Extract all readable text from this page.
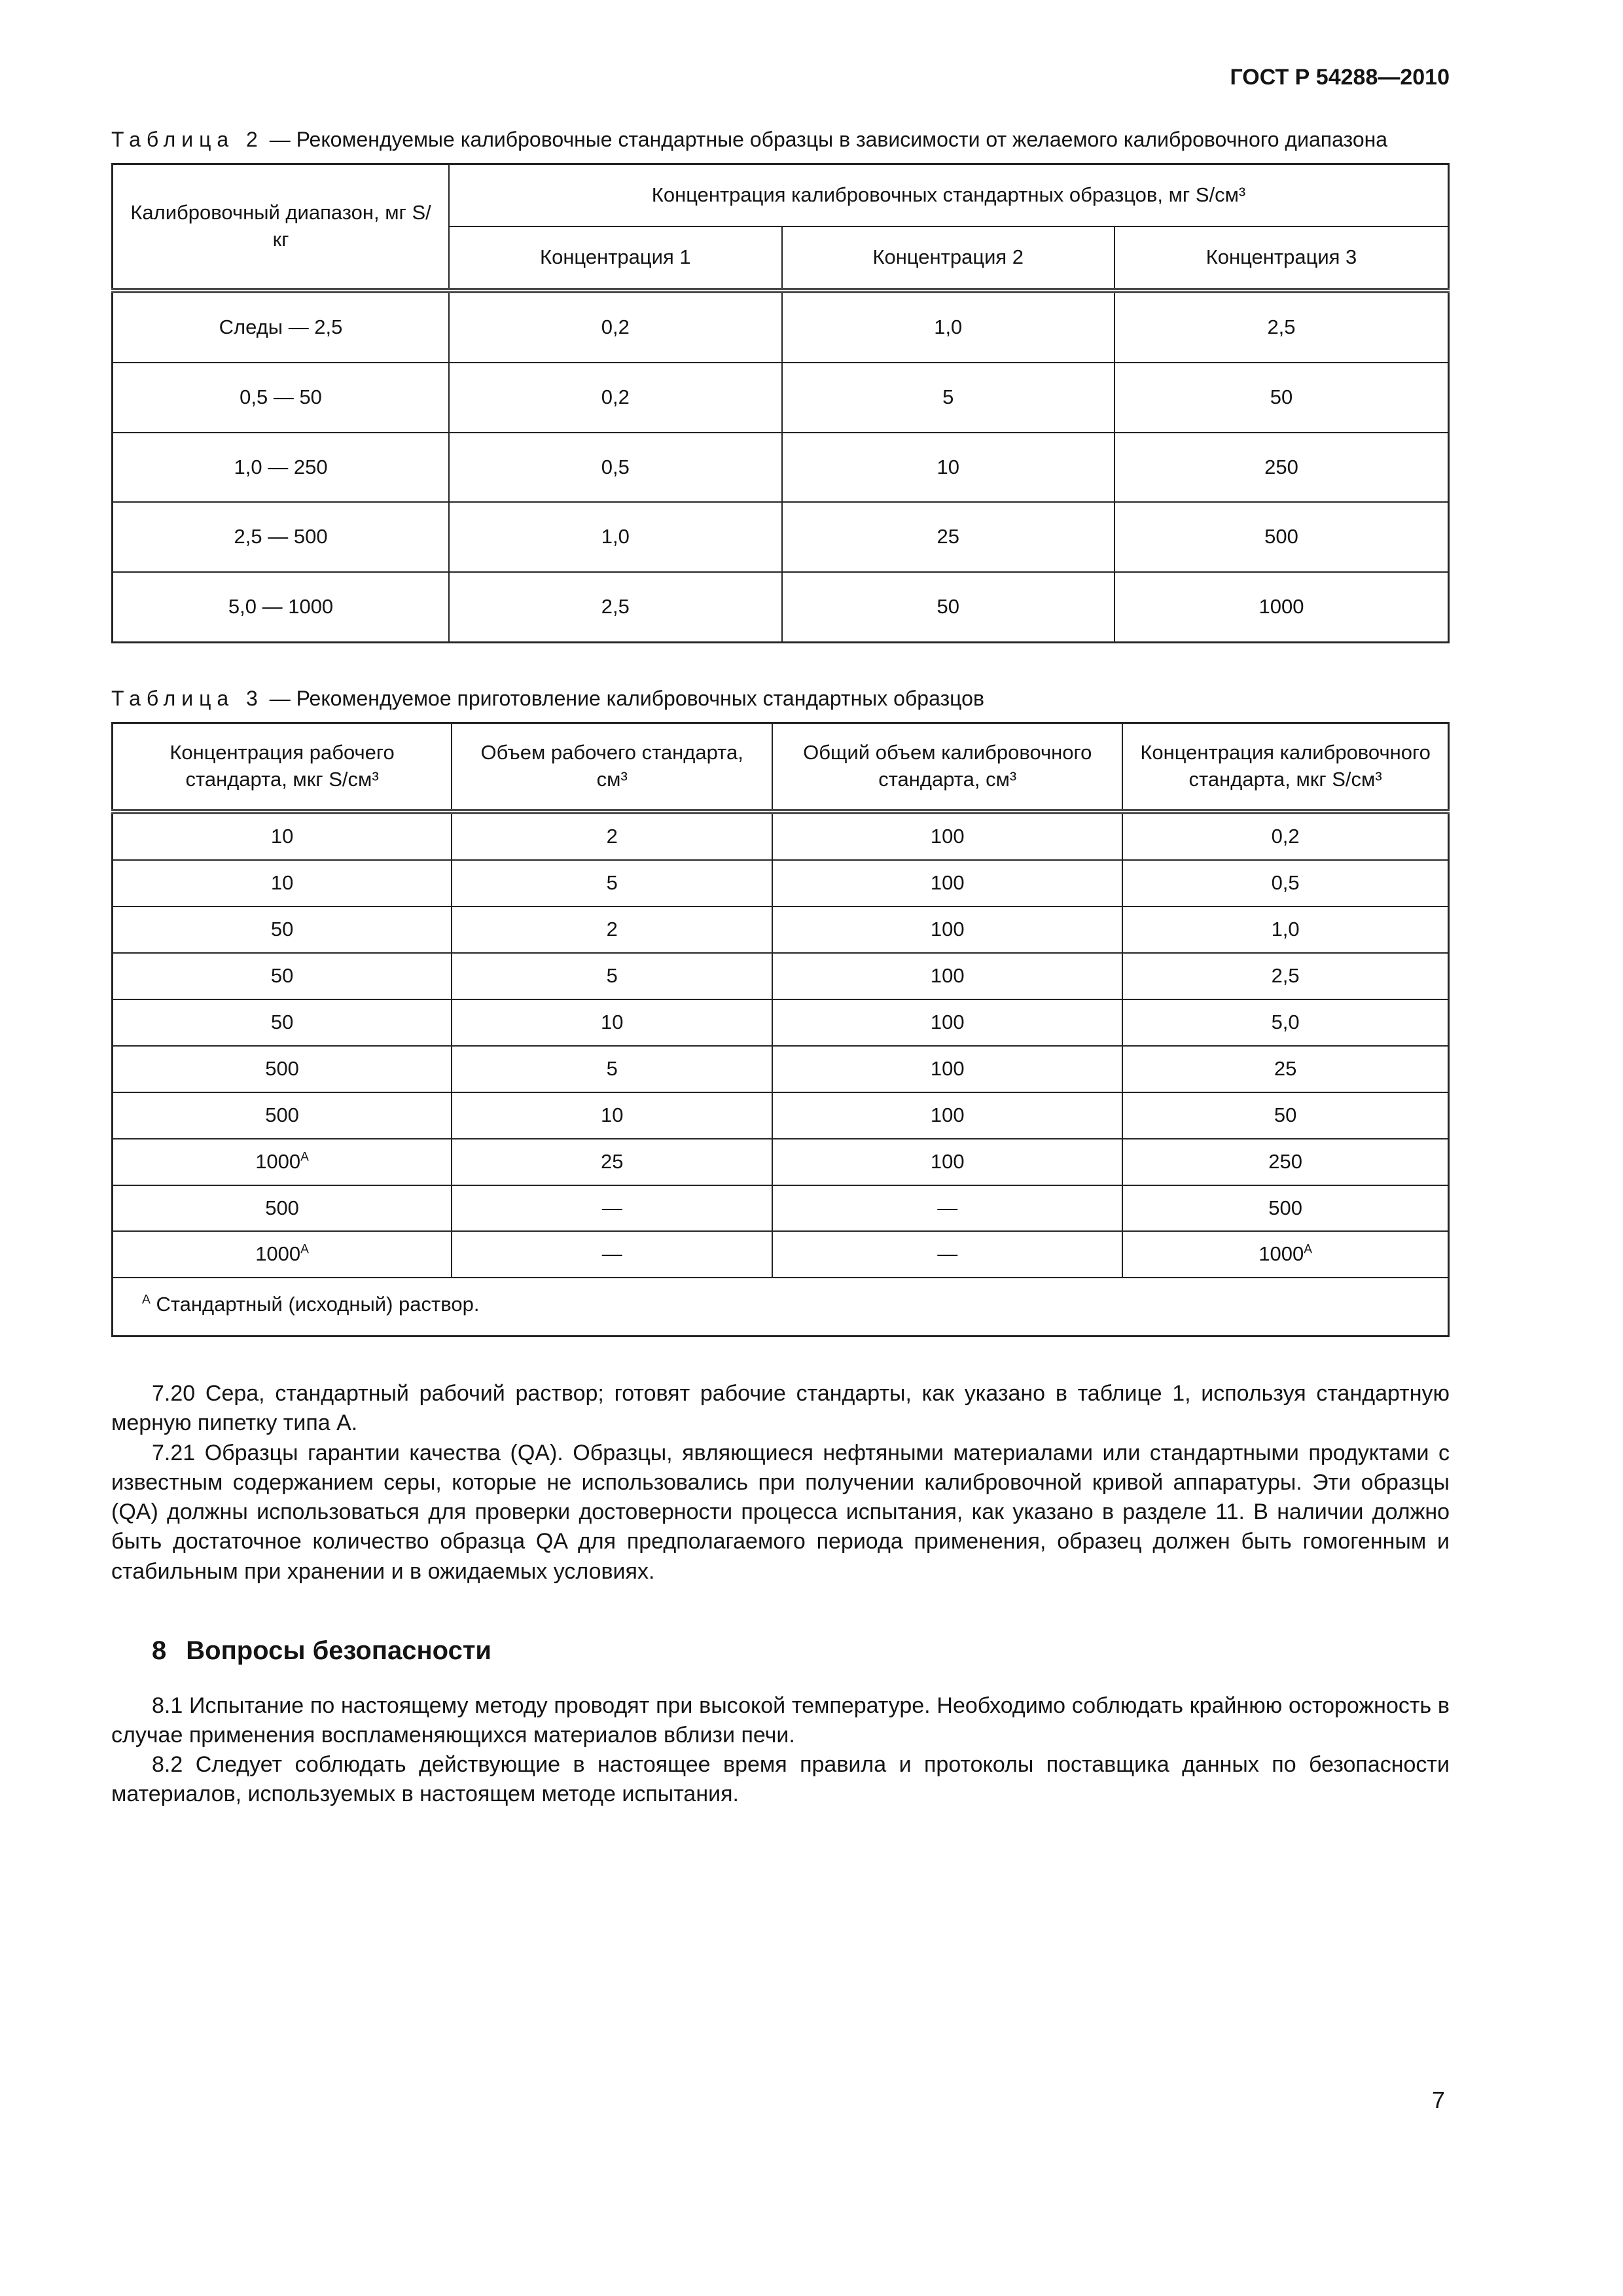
ГОСТ Р 54288—2010

Таблица 2 — Рекомендуемые калибровочные стандартные образцы в зависимости от желаемого калибровочного диапазона

Калибровочный диапазон, мг S/кг	Концентрация калибровочных стандартных образцов, мг S/см³		
	Концентрация 1	Концентрация 2	Концентрация 3
Следы — 2,5	0,2	1,0	2,5
0,5 — 50	0,2	5	50
1,0 — 250	0,5	10	250
2,5 — 500	1,0	25	500
5,0 — 1000	2,5	50	1000

Таблица 3 — Рекомендуемое приготовление калибровочных стандартных образцов

Концентрация рабочего стандарта, мкг S/см³	Объем рабочего стандарта, см³	Общий объем калибровочного стандарта, см³	Концентрация калибровочного стандарта, мкг S/см³
10	2	100	0,2
10	5	100	0,5
50	2	100	1,0
50	5	100	2,5
50	10	100	5,0
500	5	100	25
500	10	100	50
$1000^А$	25	100	250
500	—	—	500
$1000^А$	—	—	$1000^А$
$^А$ Стандартный (исходный) раствор.			

7.20 Сера, стандартный рабочий раствор; готовят рабочие стандарты, как указано в таблице 1, используя стандартную мерную пипетку типа А.

7.21 Образцы гарантии качества (QA). Образцы, являющиеся нефтяными материалами или стандартными продуктами с известным содержанием серы, которые не использовались при получении калибровочной кривой аппаратуры. Эти образцы (QA) должны использоваться для проверки достоверности процесса испытания, как указано в разделе 11. В наличии должно быть достаточное количество образца QA для предполагаемого периода применения, образец должен быть гомогенным и стабильным при хранении и в ожидаемых условиях.

8 Вопросы безопасности

8.1 Испытание по настоящему методу проводят при высокой температуре. Необходимо соблюдать крайнюю осторожность в случае применения воспламеняющихся материалов вблизи печи.

8.2 Следует соблюдать действующие в настоящее время правила и протоколы поставщика данных по безопасности материалов, используемых в настоящем методе испытания.

7
